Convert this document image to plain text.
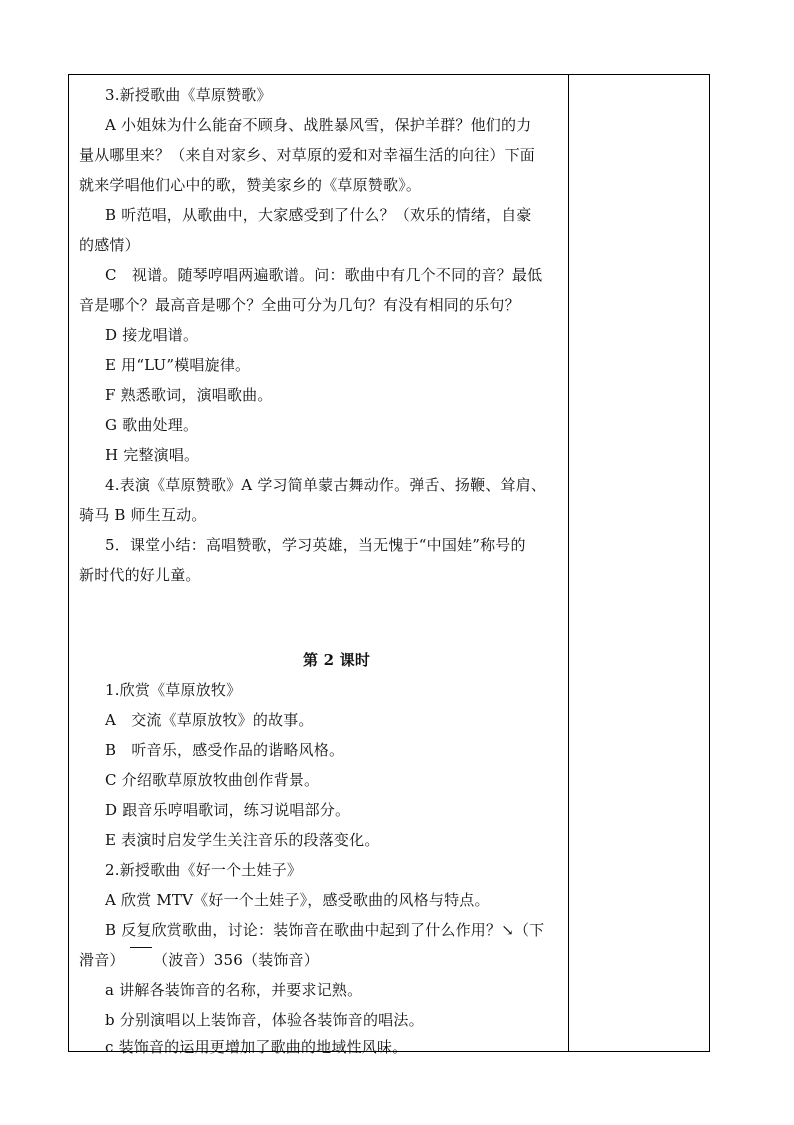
3.新授歌曲《草原赞歌》
A 小姐妹为什么能奋不顾身、战胜暴风雪，保护羊群？他们的力
量从哪里来？（来自对家乡、对草原的爱和对幸福生活的向往）下面
就来学唱他们心中的歌，赞美家乡的《草原赞歌》。
B 听范唱，从歌曲中，大家感受到了什么？（欢乐的情绪，自豪
的感情）
C　视谱。随琴哼唱两遍歌谱。问：歌曲中有几个不同的音？最低
音是哪个？最高音是哪个？全曲可分为几句？有没有相同的乐句？
D 接龙唱谱。
E 用“LU”模唱旋律。
F 熟悉歌词，演唱歌曲。
G 歌曲处理。
H 完整演唱。
4.表演《草原赞歌》A 学习简单蒙古舞动作。弹舌、扬鞭、耸肩、
骑马 B 师生互动。
5．课堂小结：高唱赞歌，学习英雄，当无愧于“中国娃”称号的
新时代的好儿童。
第 2 课时
1.欣赏《草原放牧》
A　交流《草原放牧》的故事。
B　听音乐，感受作品的谐略风格。
C 介绍歌草原放牧曲创作背景。
D 跟音乐哼唱歌词，练习说唱部分。
E 表演时启发学生关注音乐的段落变化。
2.新授歌曲《好一个土娃子》
A 欣赏 MTV《好一个土娃子》，感受歌曲的风格与特点。
B 反复欣赏歌曲，讨论：装饰音在歌曲中起到了什么作用？↘（下
滑音） （波音）356（装饰音）
a 讲解各装饰音的名称，并要求记熟。
b 分别演唱以上装饰音，体验各装饰音的唱法。
c 装饰音的运用更增加了歌曲的地域性风味。
